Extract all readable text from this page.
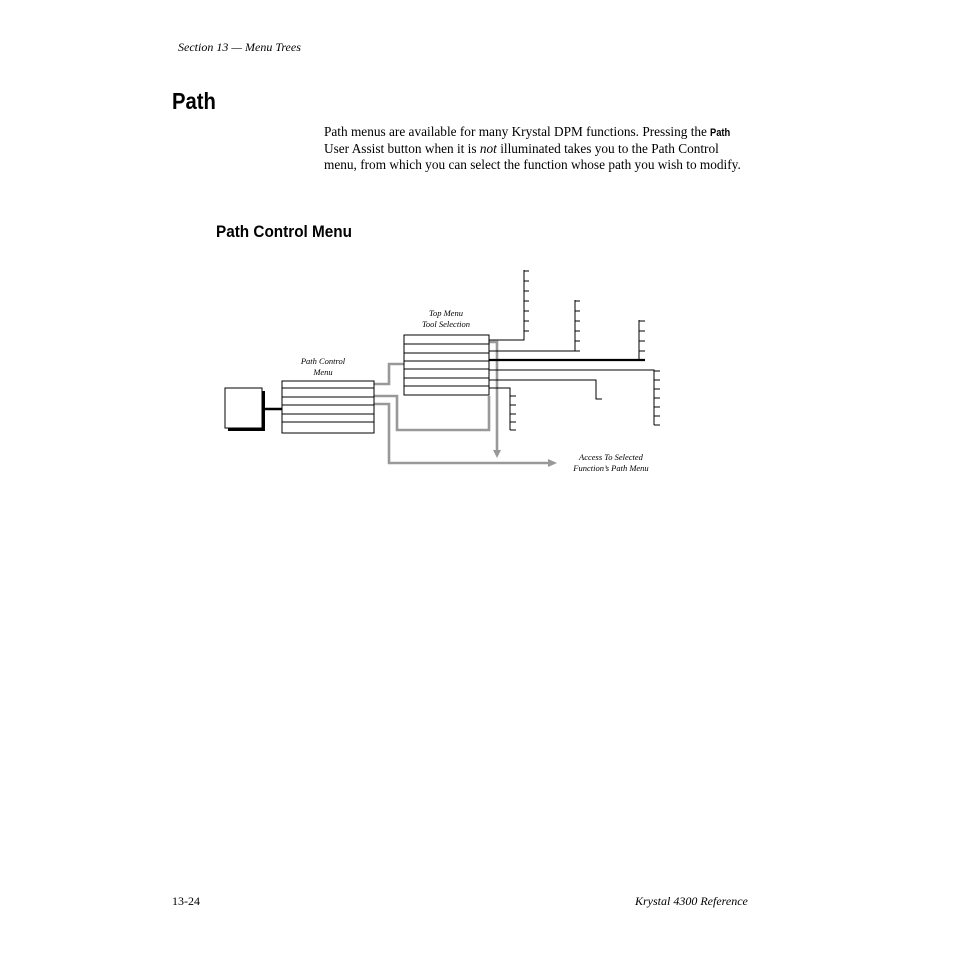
Section 13 — Menu Trees
Path
Path menus are available for many Krystal DPM functions. Pressing the Path User Assist button when it is not illuminated takes you to the Path Control menu, from which you can select the function whose path you wish to modify.
Path Control Menu
Path Control
Menu
Top Menu
Tool Selection
Access To Selected
Function’s Path Menu
13-24	Krystal 4300 Reference
